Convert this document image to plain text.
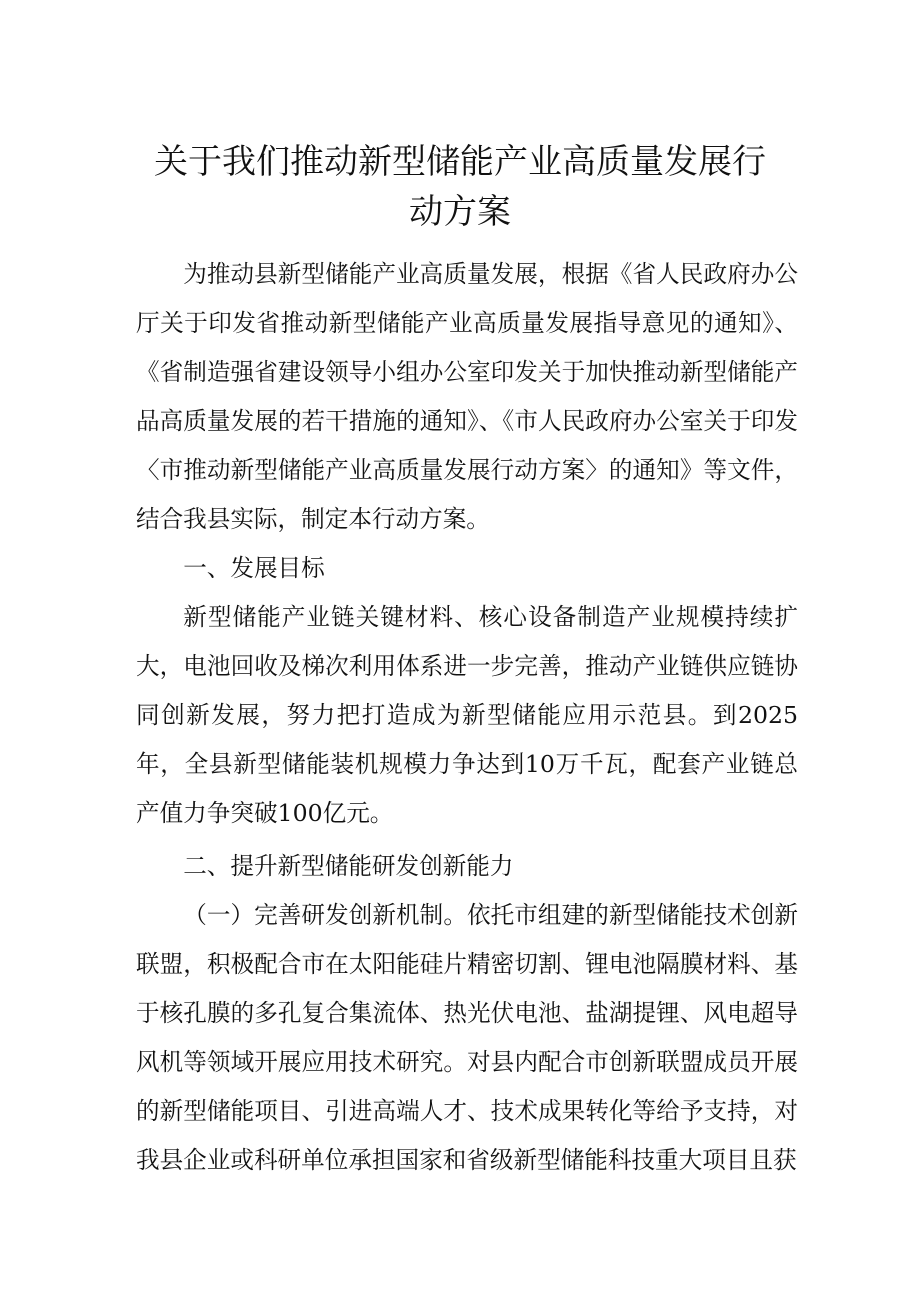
关于我们推动新型储能产业高质量发展行
动方案

为推动县新型储能产业高质量发展，根据《省人民政府办公厅关于印发省推动新型储能产业高质量发展指导意见的通知》、《省制造强省建设领导小组办公室印发关于加快推动新型储能产品高质量发展的若干措施的通知》、《市人民政府办公室关于印发〈市推动新型储能产业高质量发展行动方案〉的通知》等文件，结合我县实际，制定本行动方案。

一、发展目标

新型储能产业链关键材料、核心设备制造产业规模持续扩大，电池回收及梯次利用体系进一步完善，推动产业链供应链协同创新发展，努力把打造成为新型储能应用示范县。到2025年，全县新型储能装机规模力争达到10万千瓦，配套产业链总产值力争突破100亿元。

二、提升新型储能研发创新能力

（一）完善研发创新机制。依托市组建的新型储能技术创新联盟，积极配合市在太阳能硅片精密切割、锂电池隔膜材料、基于核孔膜的多孔复合集流体、热光伏电池、盐湖提锂、风电超导风机等领域开展应用技术研究。对县内配合市创新联盟成员开展的新型储能项目、引进高端人才、技术成果转化等给予支持，对我县企业或科研单位承担国家和省级新型储能科技重大项目且获
